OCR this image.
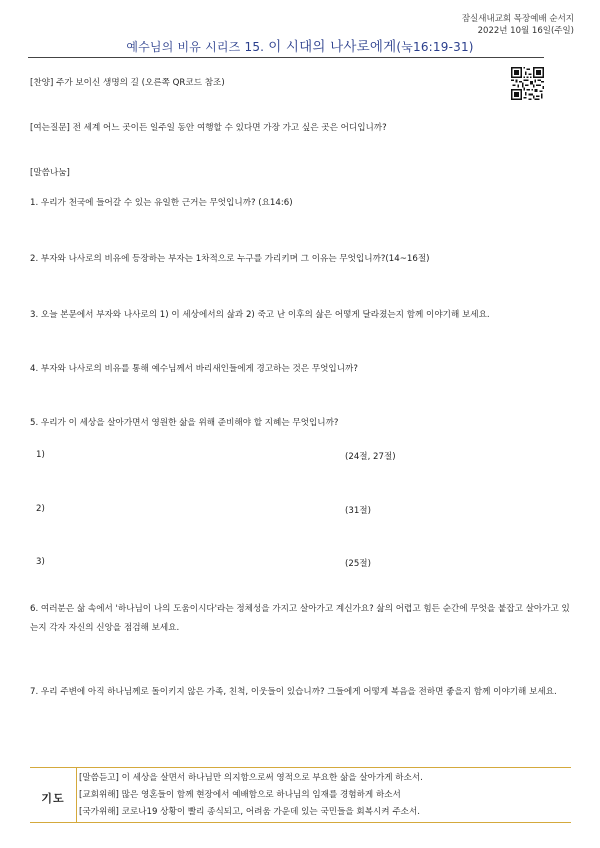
잠실새내교회 목장예배 순서지
2022년 10월 16일(주일)
예수님의 비유 시리즈 15. 이 시대의 나사로에게(눅16:19-31)
[찬양] 주가 보이신 생명의 길 (오른쪽 QR코드 참조)
[여는질문] 전 세계 어느 곳이든 일주일 동안 여행할 수 있다면 가장 가고 싶은 곳은 어디입니까?
[말씀나눔]
1. 우리가 천국에 들어갈 수 있는 유일한 근거는 무엇입니까? (요14:6)
2. 부자와 나사로의 비유에 등장하는 부자는 1차적으로 누구를 가리키며 그 이유는 무엇입니까?(14~16절)
3. 오늘 본문에서 부자와 나사로의 1) 이 세상에서의 삶과 2) 죽고 난 이후의 삶은 어떻게 달라졌는지 함께 이야기해 보세요.
4. 부자와 나사로의 비유를 통해 예수님께서 바리새인들에게 경고하는 것은 무엇입니까?
5. 우리가 이 세상을 살아가면서 영원한 삶을 위해 준비해야 할 지혜는 무엇입니까?
1)	(24절, 27절)
2)	(31절)
3)	(25절)
6. 여러분은 삶 속에서 '하나님이 나의 도움이시다'라는 정체성을 가지고 살아가고 계신가요? 삶의 어렵고 힘든 순간에 무엇을 붙잡고 살아가고 있는지 각자 자신의 신앙을 점검해 보세요.
7. 우리 주변에 아직 하나님께로 돌이키지 않은 가족, 친척, 이웃들이 있습니까? 그들에게 어떻게 복음을 전하면 좋을지 함께 이야기해 보세요.
기도
[말씀듣고] 이 세상을 살면서 하나님만 의지함으로써 영적으로 부요한 삶을 살아가게 하소서.
[교회위해] 많은 영혼들이 함께 현장에서 예배함으로 하나님의 임재를 경험하게 하소서
[국가위해] 코로나19 상황이 빨리 종식되고, 어려움 가운데 있는 국민들을 회복시켜 주소서.
